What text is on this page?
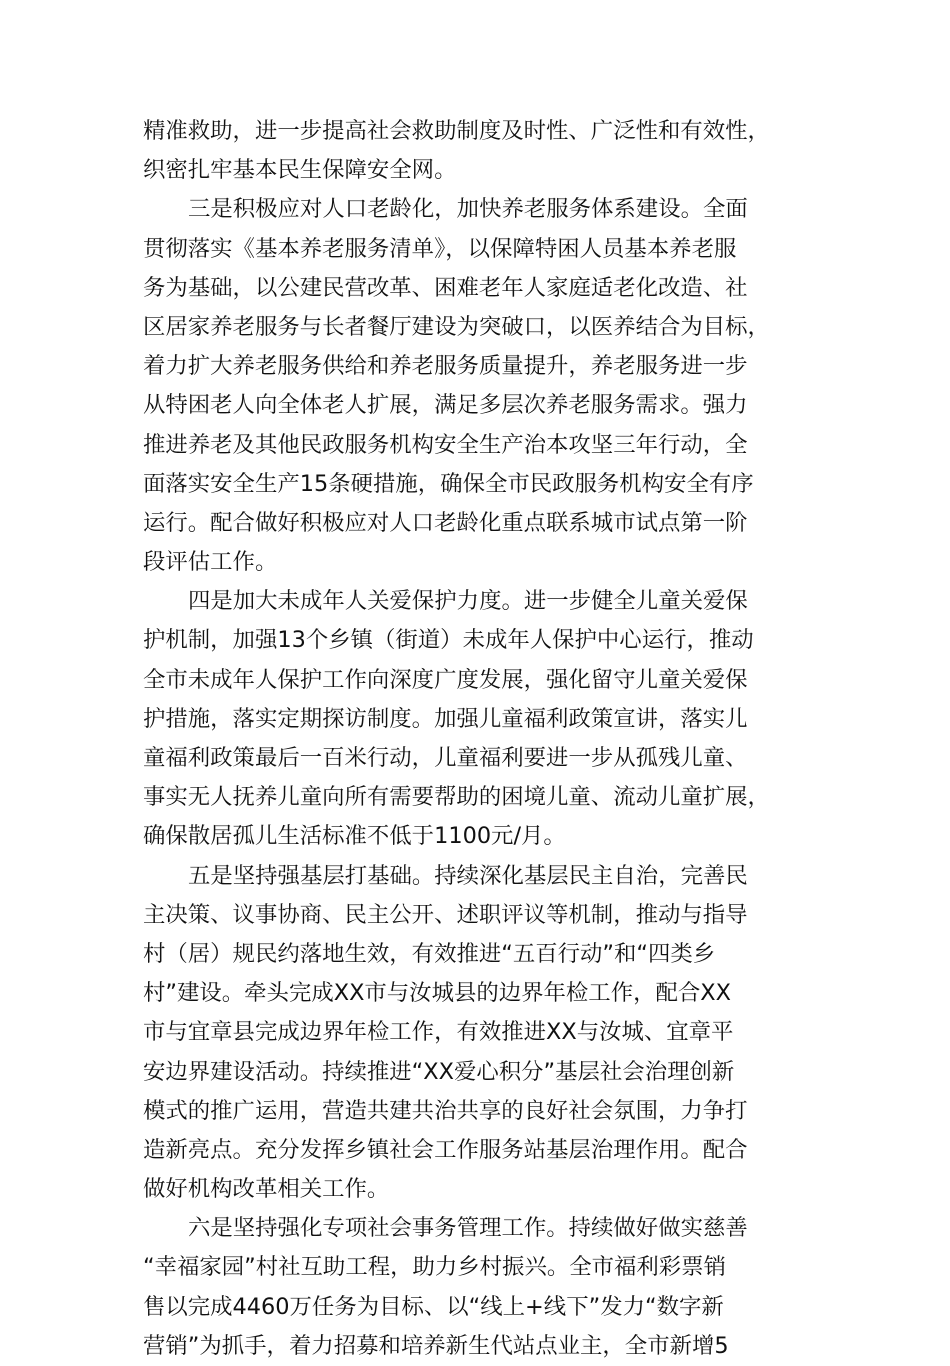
精准救助，进一步提高社会救助制度及时性、广泛性和有效性，
织密扎牢基本民生保障安全网。
三是积极应对人口老龄化，加快养老服务体系建设。全面
贯彻落实《基本养老服务清单》，以保障特困人员基本养老服
务为基础，以公建民营改革、困难老年人家庭适老化改造、社
区居家养老服务与长者餐厅建设为突破口，以医养结合为目标，
着力扩大养老服务供给和养老服务质量提升，养老服务进一步
从特困老人向全体老人扩展，满足多层次养老服务需求。强力
推进养老及其他民政服务机构安全生产治本攻坚三年行动，全
面落实安全生产15条硬措施，确保全市民政服务机构安全有序
运行。配合做好积极应对人口老龄化重点联系城市试点第一阶
段评估工作。
四是加大未成年人关爱保护力度。进一步健全儿童关爱保
护机制，加强13个乡镇（街道）未成年人保护中心运行，推动
全市未成年人保护工作向深度广度发展，强化留守儿童关爱保
护措施，落实定期探访制度。加强儿童福利政策宣讲，落实儿
童福利政策最后一百米行动，儿童福利要进一步从孤残儿童、
事实无人抚养儿童向所有需要帮助的困境儿童、流动儿童扩展，
确保散居孤儿生活标准不低于1100元/月。
五是坚持强基层打基础。持续深化基层民主自治，完善民
主决策、议事协商、民主公开、述职评议等机制，推动与指导
村（居）规民约落地生效，有效推进“五百行动”和“四类乡
村”建设。牵头完成XX市与汝城县的边界年检工作，配合XX
市与宜章县完成边界年检工作，有效推进XX与汝城、宜章平
安边界建设活动。持续推进“XX爱心积分”基层社会治理创新
模式的推广运用，营造共建共治共享的良好社会氛围，力争打
造新亮点。充分发挥乡镇社会工作服务站基层治理作用。配合
做好机构改革相关工作。
六是坚持强化专项社会事务管理工作。持续做好做实慈善
“幸福家园”村社互助工程，助力乡村振兴。全市福利彩票销
售以完成4460万任务为目标、以“线上+线下”发力“数字新
营销”为抓手，着力招募和培养新生代站点业主，全市新增5
